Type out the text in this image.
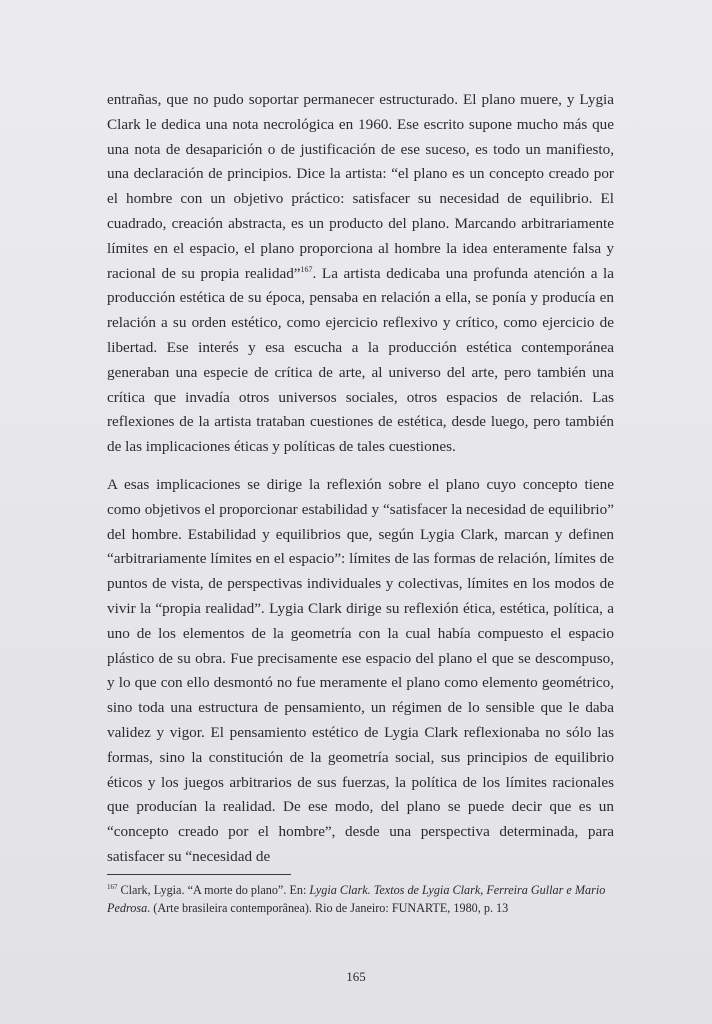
entrañas, que no pudo soportar permanecer estructurado. El plano muere, y Lygia Clark le dedica una nota necrológica en 1960. Ese escrito supone mucho más que una nota de desaparición o de justificación de ese suceso, es todo un manifiesto, una declaración de principios. Dice la artista: “el plano es un concepto creado por el hombre con un objetivo práctico: satisfacer su necesidad de equilibrio. El cuadrado, creación abstracta, es un producto del plano. Marcando arbitrariamente límites en el espacio, el plano proporciona al hombre la idea enteramente falsa y racional de su propia realidad”$^{167}$. La artista dedicaba una profunda atención a la producción estética de su época, pensaba en relación a ella, se ponía y producía en relación a su orden estético, como ejercicio reflexivo y crítico, como ejercicio de libertad. Ese interés y esa escucha a la producción estética contemporánea generaban una especie de crítica de arte, al universo del arte, pero también una crítica que invadía otros universos sociales, otros espacios de relación. Las reflexiones de la artista trataban cuestiones de estética, desde luego, pero también de las implicaciones éticas y políticas de tales cuestiones.

A esas implicaciones se dirige la reflexión sobre el plano cuyo concepto tiene como objetivos el proporcionar estabilidad y “satisfacer la necesidad de equilibrio” del hombre. Estabilidad y equilibrios que, según Lygia Clark, marcan y definen “arbitrariamente límites en el espacio”: límites de las formas de relación, límites de puntos de vista, de perspectivas individuales y colectivas, límites en los modos de vivir la “propia realidad”. Lygia Clark dirige su reflexión ética, estética, política, a uno de los elementos de la geometría con la cual había compuesto el espacio plástico de su obra. Fue precisamente ese espacio del plano el que se descompuso, y lo que con ello desmontó no fue meramente el plano como elemento geométrico, sino toda una estructura de pensamiento, un régimen de lo sensible que le daba validez y vigor. El pensamiento estético de Lygia Clark reflexionaba no sólo las formas, sino la constitución de la geometría social, sus principios de equilibrio éticos y los juegos arbitrarios de sus fuerzas, la política de los límites racionales que producían la realidad. De ese modo, del plano se puede decir que es un “concepto creado por el hombre”, desde una perspectiva determinada, para satisfacer su “necesidad de

$^{167}$ Clark, Lygia. “A morte do plano”. En: Lygia Clark. Textos de Lygia Clark, Ferreira Gullar e Mario Pedrosa. (Arte brasileira contemporânea). Rio de Janeiro: FUNARTE, 1980, p. 13
165
